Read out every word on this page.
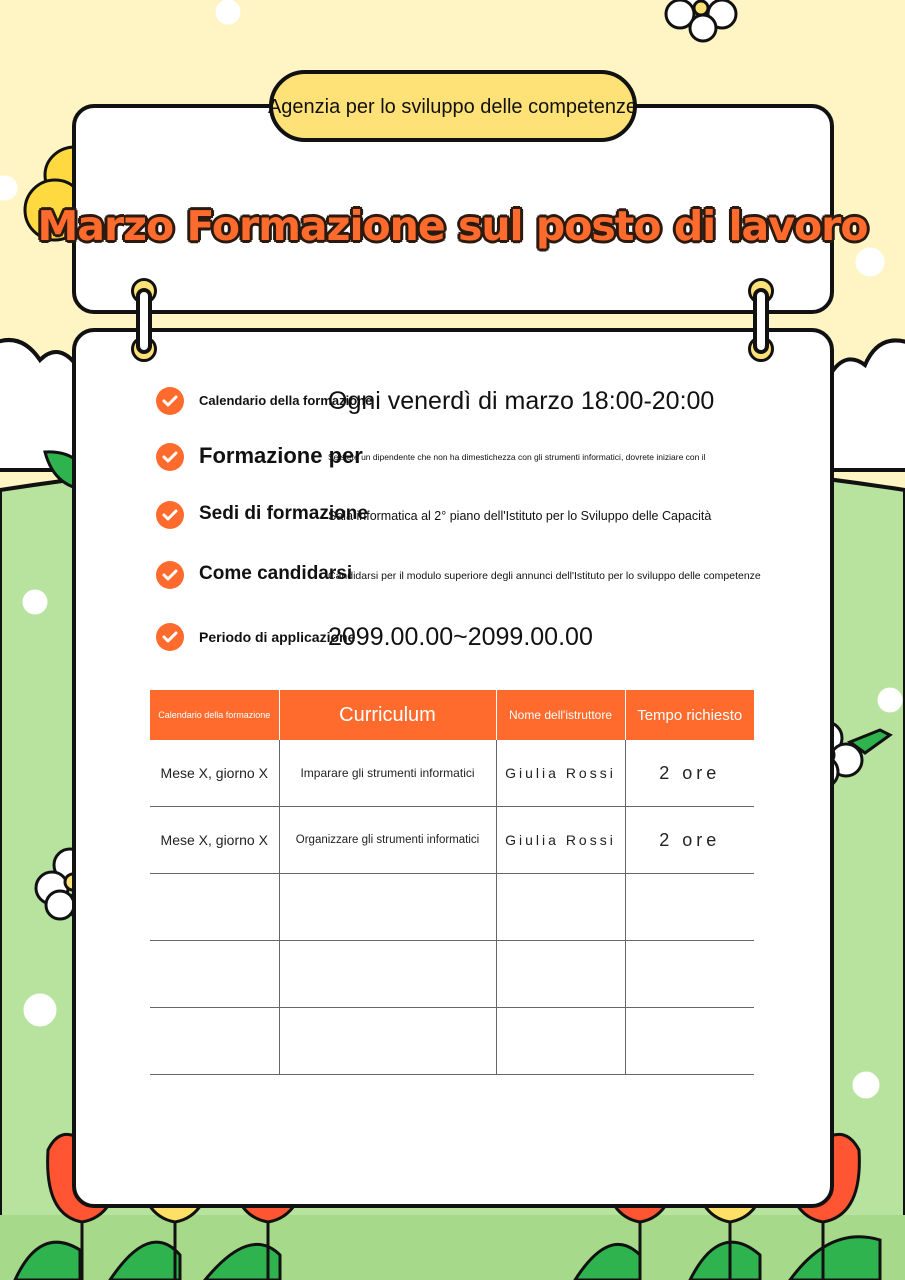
Agenzia per lo sviluppo delle competenze
Marzo Formazione sul posto di lavoro
Calendario della formazione
Ogni venerdì di marzo 18:00-20:00
Formazione per
Se siete un dipendente che non ha dimestichezza con gli strumenti informatici, dovrete iniziare con il
Sedi di formazione
Sala informatica al 2° piano dell'Istituto per lo Sviluppo delle Capacità
Come candidarsi
Candidarsi per il modulo superiore degli annunci dell'Istituto per lo sviluppo delle competenze
Periodo di applicazione
2099.00.00~2099.00.00
Calendario della formazione	Curriculum	Nome dell'istruttore	Tempo richiesto
Mese X, giorno X	Imparare gli strumenti informatici	Giulia Rossi	2 ore
Mese X, giorno X	Organizzare gli strumenti informatici	Giulia Rossi	2 ore
